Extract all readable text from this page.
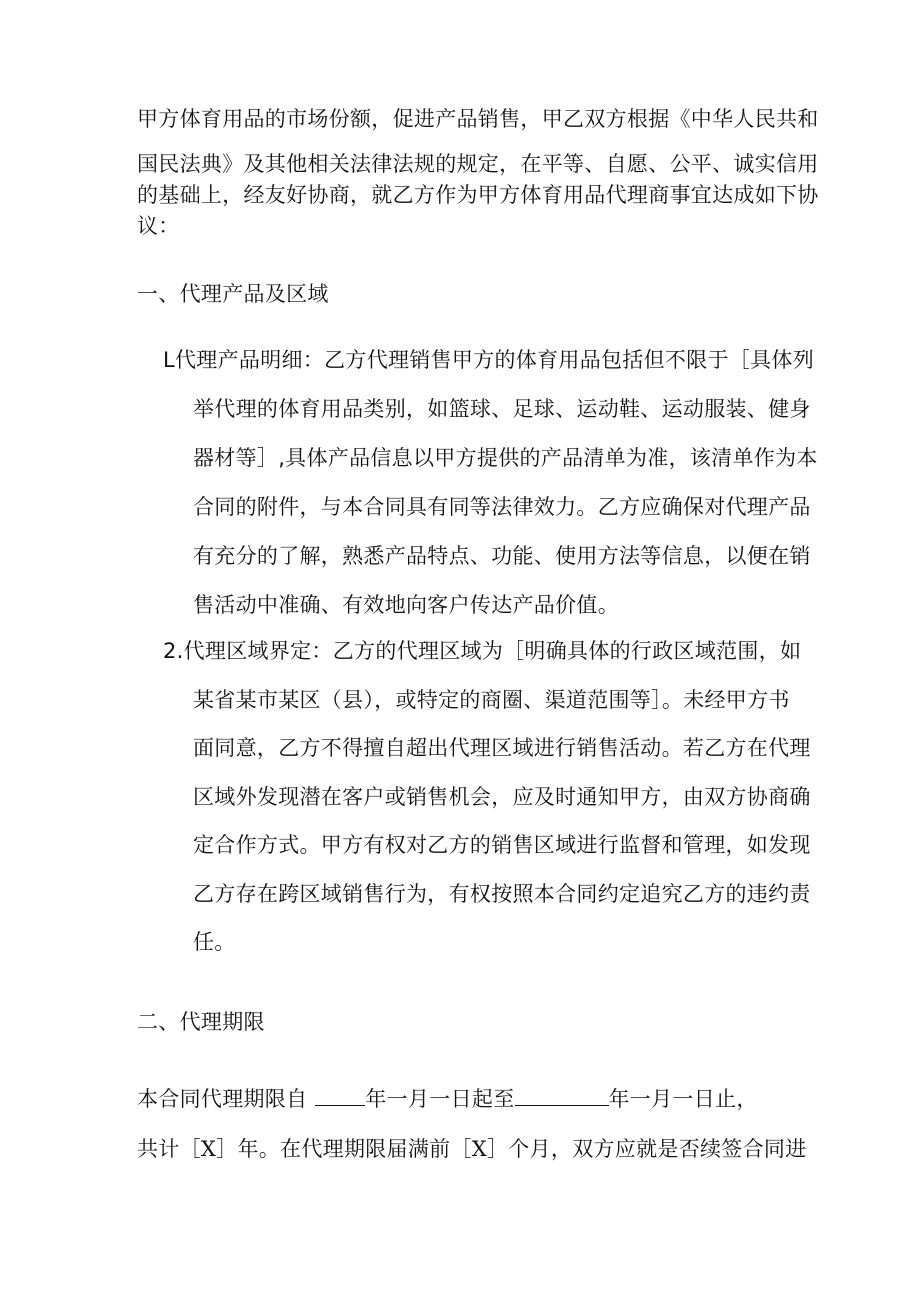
甲方体育用品的市场份额，促进产品销售，甲乙双方根据《中华人民共和
国民法典》及其他相关法律法规的规定，在平等、自愿、公平、诚实信用
的基础上，经友好协商，就乙方作为甲方体育用品代理商事宜达成如下协
议：
一、代理产品及区域
L代理产品明细：乙方代理销售甲方的体育用品包括但不限于［具体列
举代理的体育用品类别，如篮球、足球、运动鞋、运动服装、健身
器材等］,具体产品信息以甲方提供的产品清单为准，该清单作为本
合同的附件，与本合同具有同等法律效力。乙方应确保对代理产品
有充分的了解，熟悉产品特点、功能、使用方法等信息，以便在销
售活动中准确、有效地向客户传达产品价值。
2.代理区域界定：乙方的代理区域为［明确具体的行政区域范围，如
某省某市某区（县），或特定的商圈、渠道范围等］。未经甲方书
面同意，乙方不得擅自超出代理区域进行销售活动。若乙方在代理
区域外发现潜在客户或销售机会，应及时通知甲方，由双方协商确
定合作方式。甲方有权对乙方的销售区域进行监督和管理，如发现
乙方存在跨区域销售行为，有权按照本合同约定追究乙方的违约责
任。
二、代理期限
本合同代理期限自	年一月一日起至	年一月一日止，
共计［X］年。在代理期限届满前［X］个月，双方应就是否续签合同进
